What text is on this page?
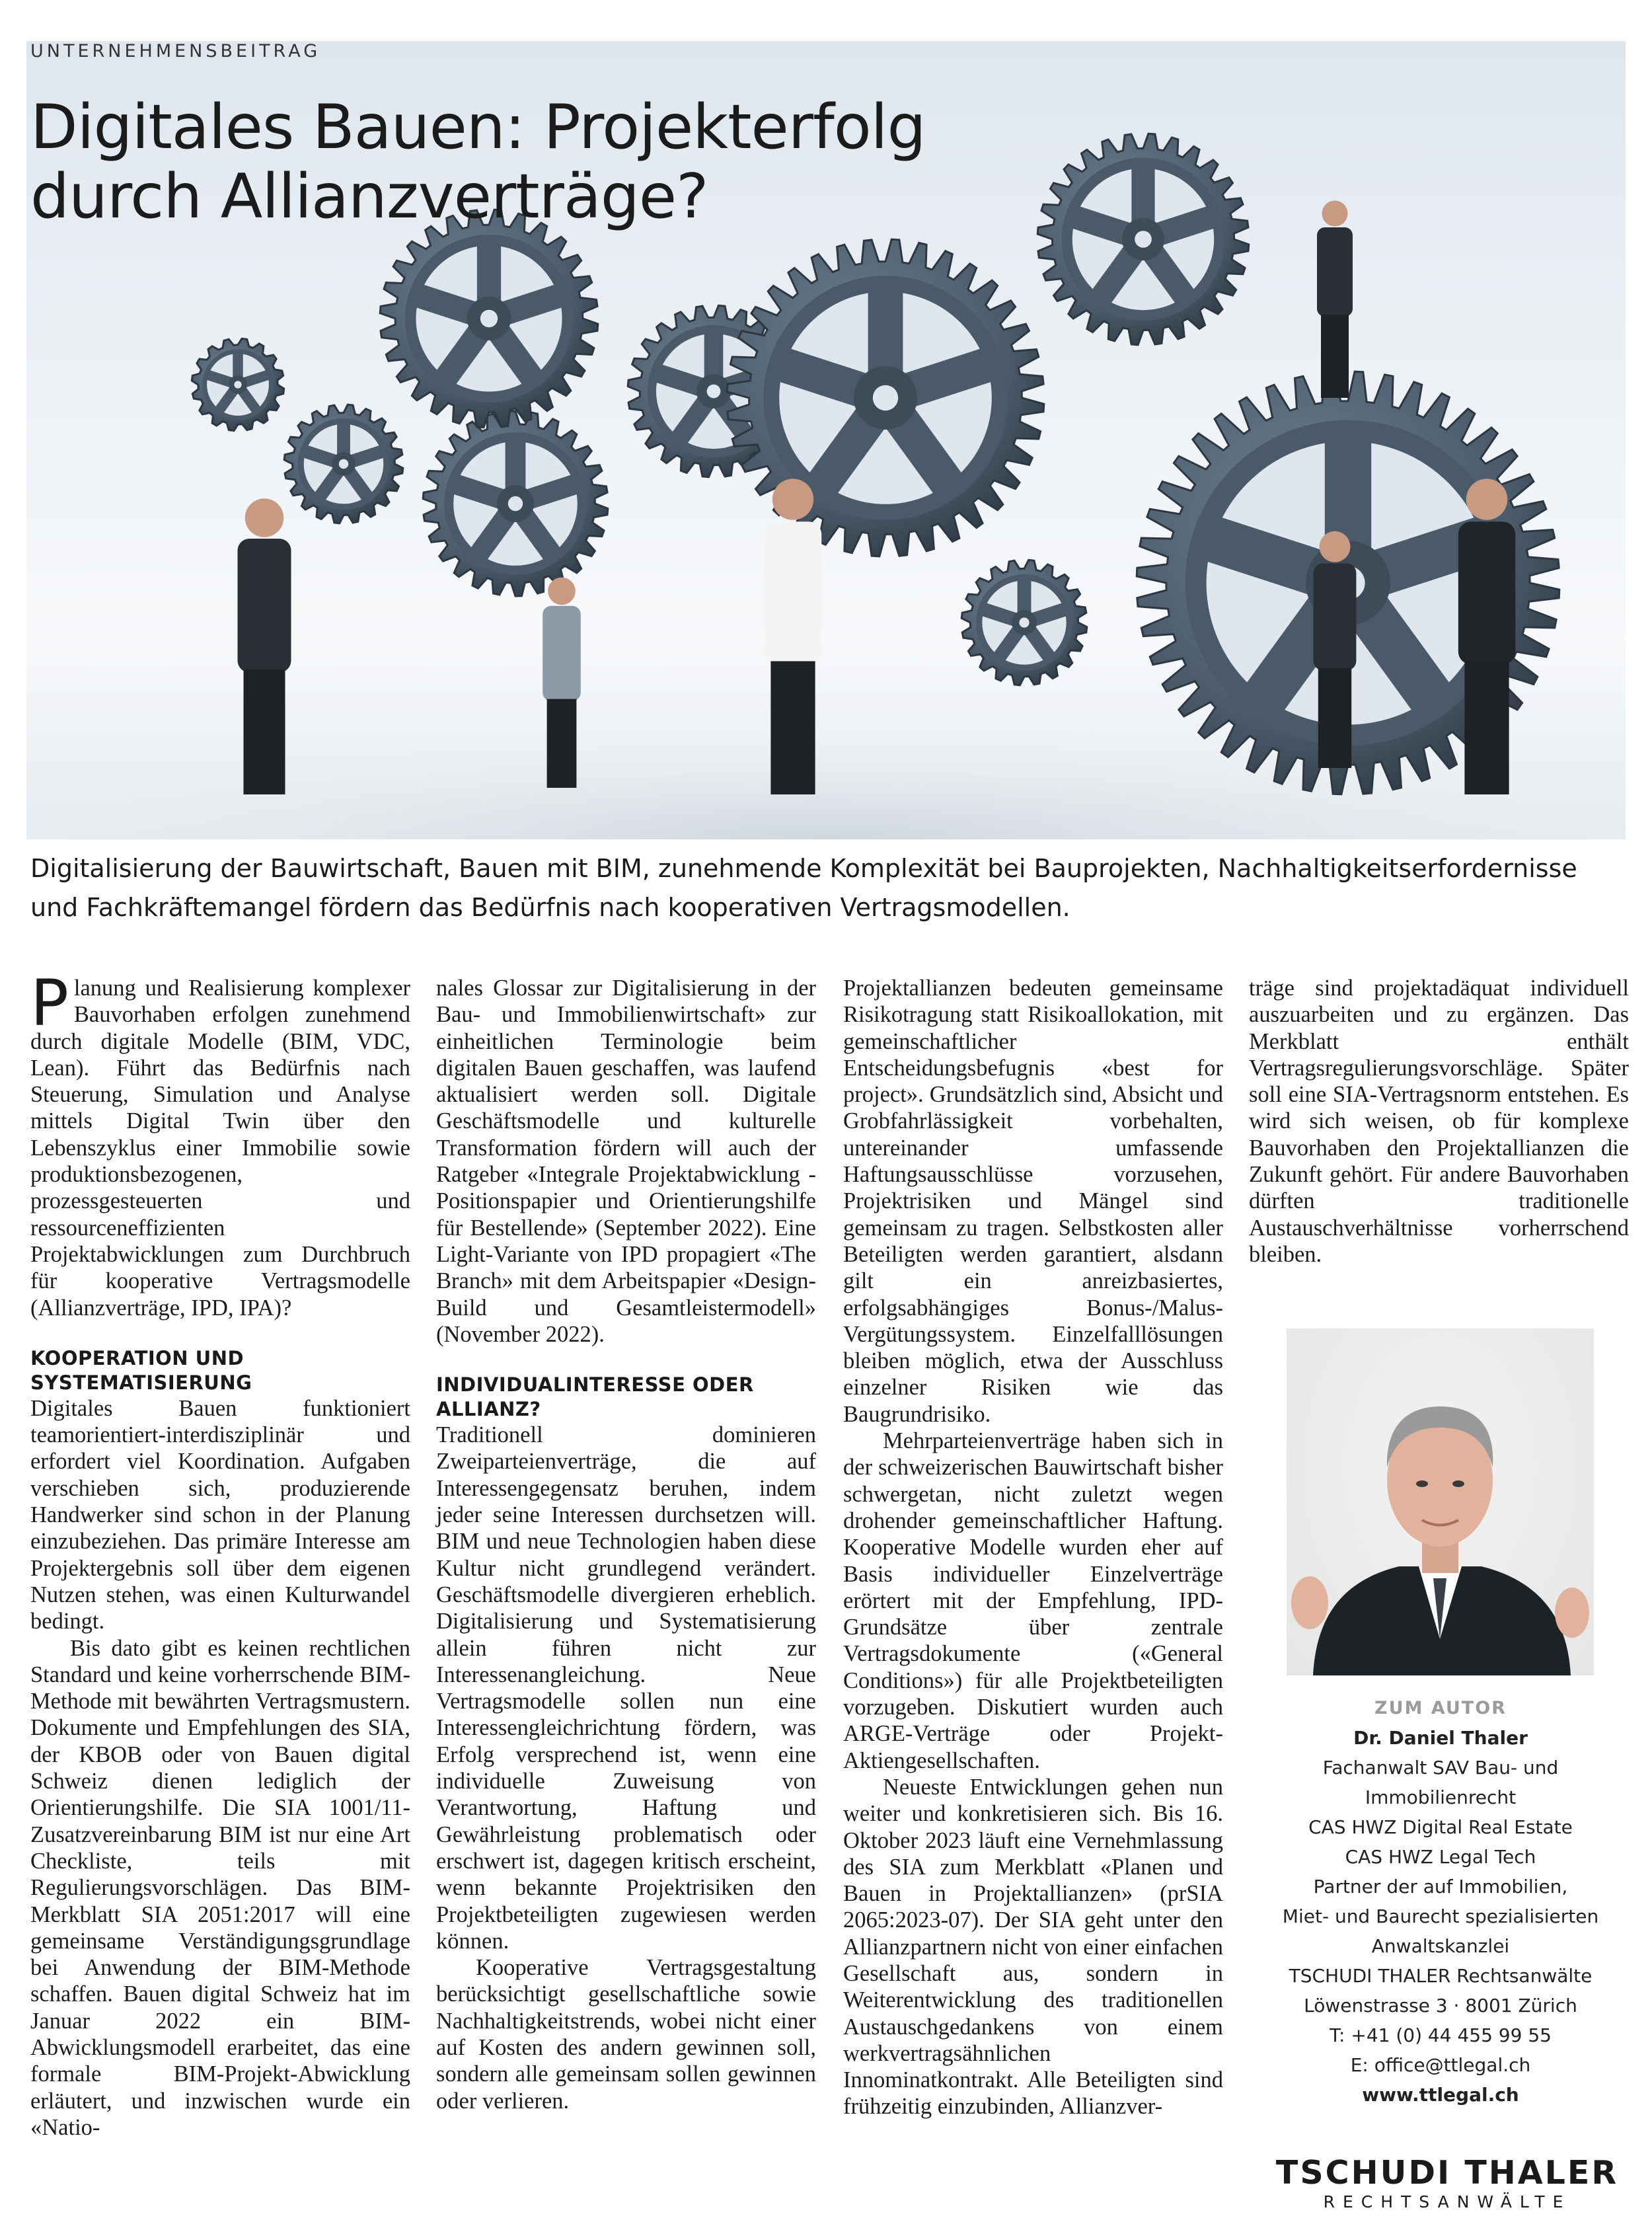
UNTERNEHMENSBEITRAG
Digitales Bauen: Projekterfolg
durch Allianzverträge?

Digitalisierung der Bauwirtschaft, Bauen mit BIM, zunehmende Komplexität bei Bauprojekten, Nachhaltigkeitserfordernisse und Fachkräftemangel fördern das Bedürfnis nach kooperativen Vertragsmodellen.

Planung und Realisierung komplexer Bauvorhaben erfolgen zunehmend durch digitale Modelle (BIM, VDC, Lean). Führt das Bedürfnis nach Steuerung, Simulation und Analyse mittels Digital Twin über den Lebenszyklus einer Immobilie sowie produktionsbezogenen, prozessgesteuerten und ressourceneffizienten Projektabwicklungen zum Durchbruch für kooperative Vertragsmodelle (Allianzverträge, IPD, IPA)?

KOOPERATION UND SYSTEMATISIERUNG

Digitales Bauen funktioniert teamorientiert-interdisziplinär und erfordert viel Koordination. Aufgaben verschieben sich, produzierende Handwerker sind schon in der Planung einzubeziehen. Das primäre Interesse am Projektergebnis soll über dem eigenen Nutzen stehen, was einen Kulturwandel bedingt.

Bis dato gibt es keinen rechtlichen Standard und keine vorherrschende BIM-Methode mit bewährten Vertragsmustern. Dokumente und Empfehlungen des SIA, der KBOB oder von Bauen digital Schweiz dienen lediglich der Orientierungshilfe. Die SIA 1001/11-Zusatzvereinbarung BIM ist nur eine Art Checkliste, teils mit Regulierungsvorschlägen. Das BIM-Merkblatt SIA 2051:2017 will eine gemeinsame Verständigungsgrundlage bei Anwendung der BIM-Methode schaffen. Bauen digital Schweiz hat im Januar 2022 ein BIM-Abwicklungsmodell erarbeitet, das eine formale BIM-Projekt-Abwicklung erläutert, und inzwischen wurde ein «Natio-

nales Glossar zur Digitalisierung in der Bau- und Immobilienwirtschaft» zur einheitlichen Terminologie beim digitalen Bauen geschaffen, was laufend aktualisiert werden soll. Digitale Geschäftsmodelle und kulturelle Transformation fördern will auch der Ratgeber «Integrale Projektabwicklung - Positionspapier und Orientierungshilfe für Bestellende» (September 2022). Eine Light-Variante von IPD propagiert «The Branch» mit dem Arbeitspapier «Design-Build und Gesamtleistermodell» (November 2022).

INDIVIDUALINTERESSE ODER ALLIANZ?

Traditionell dominieren Zweiparteienverträge, die auf Interessengegensatz beruhen, indem jeder seine Interessen durchsetzen will. BIM und neue Technologien haben diese Kultur nicht grundlegend verändert. Geschäftsmodelle divergieren erheblich. Digitalisierung und Systematisierung allein führen nicht zur Interessenangleichung. Neue Vertragsmodelle sollen nun eine Interessengleichrichtung fördern, was Erfolg versprechend ist, wenn eine individuelle Zuweisung von Verantwortung, Haftung und Gewährleistung problematisch oder erschwert ist, dagegen kritisch erscheint, wenn bekannte Projektrisiken den Projektbeteiligten zugewiesen werden können.

Kooperative Vertragsgestaltung berücksichtigt gesellschaftliche sowie Nachhaltigkeitstrends, wobei nicht einer auf Kosten des andern gewinnen soll, sondern alle gemeinsam sollen gewinnen oder verlieren.

Projektallianzen bedeuten gemeinsame Risikotragung statt Risikoallokation, mit gemeinschaftlicher Entscheidungsbefugnis «best for project». Grundsätzlich sind, Absicht und Grobfahrlässigkeit vorbehalten, untereinander umfassende Haftungsausschlüsse vorzusehen, Projektrisiken und Mängel sind gemeinsam zu tragen. Selbstkosten aller Beteiligten werden garantiert, alsdann gilt ein anreizbasiertes, erfolgsabhängiges Bonus-/Malus-Vergütungssystem. Einzelfalllösungen bleiben möglich, etwa der Ausschluss einzelner Risiken wie das Baugrundrisiko.

Mehrparteienverträge haben sich in der schweizerischen Bauwirtschaft bisher schwergetan, nicht zuletzt wegen drohender gemeinschaftlicher Haftung. Kooperative Modelle wurden eher auf Basis individueller Einzelverträge erörtert mit der Empfehlung, IPD-Grundsätze über zentrale Vertragsdokumente («General Conditions») für alle Projektbeteiligten vorzugeben. Diskutiert wurden auch ARGE-Verträge oder Projekt-Aktiengesellschaften.

Neueste Entwicklungen gehen nun weiter und konkretisieren sich. Bis 16. Oktober 2023 läuft eine Vernehmlassung des SIA zum Merkblatt «Planen und Bauen in Projektallianzen» (prSIA 2065:2023-07). Der SIA geht unter den Allianzpartnern nicht von einer einfachen Gesellschaft aus, sondern in Weiterentwicklung des traditionellen Austauschgedankens von einem werkvertragsähnlichen Innominatkontrakt. Alle Beteiligten sind frühzeitig einzubinden, Allianzver-

träge sind projektadäquat individuell auszuarbeiten und zu ergänzen. Das Merkblatt enthält Vertragsregulierungsvorschläge. Später soll eine SIA-Vertragsnorm entstehen. Es wird sich weisen, ob für komplexe Bauvorhaben den Projektallianzen die Zukunft gehört. Für andere Bauvorhaben dürften traditionelle Austauschverhältnisse vorherrschend bleiben.

ZUM AUTOR
Dr. Daniel Thaler
Fachanwalt SAV Bau- und
Immobilienrecht
CAS HWZ Digital Real Estate
CAS HWZ Legal Tech
Partner der auf Immobilien,
Miet- und Baurecht spezialisierten
Anwaltskanzlei
TSCHUDI THALER Rechtsanwälte
Löwenstrasse 3 · 8001 Zürich
T: +41 (0) 44 455 99 55
E: office@ttlegal.ch
www.ttlegal.ch
TSCHUDI THALER
RECHTSANWÄLTE
